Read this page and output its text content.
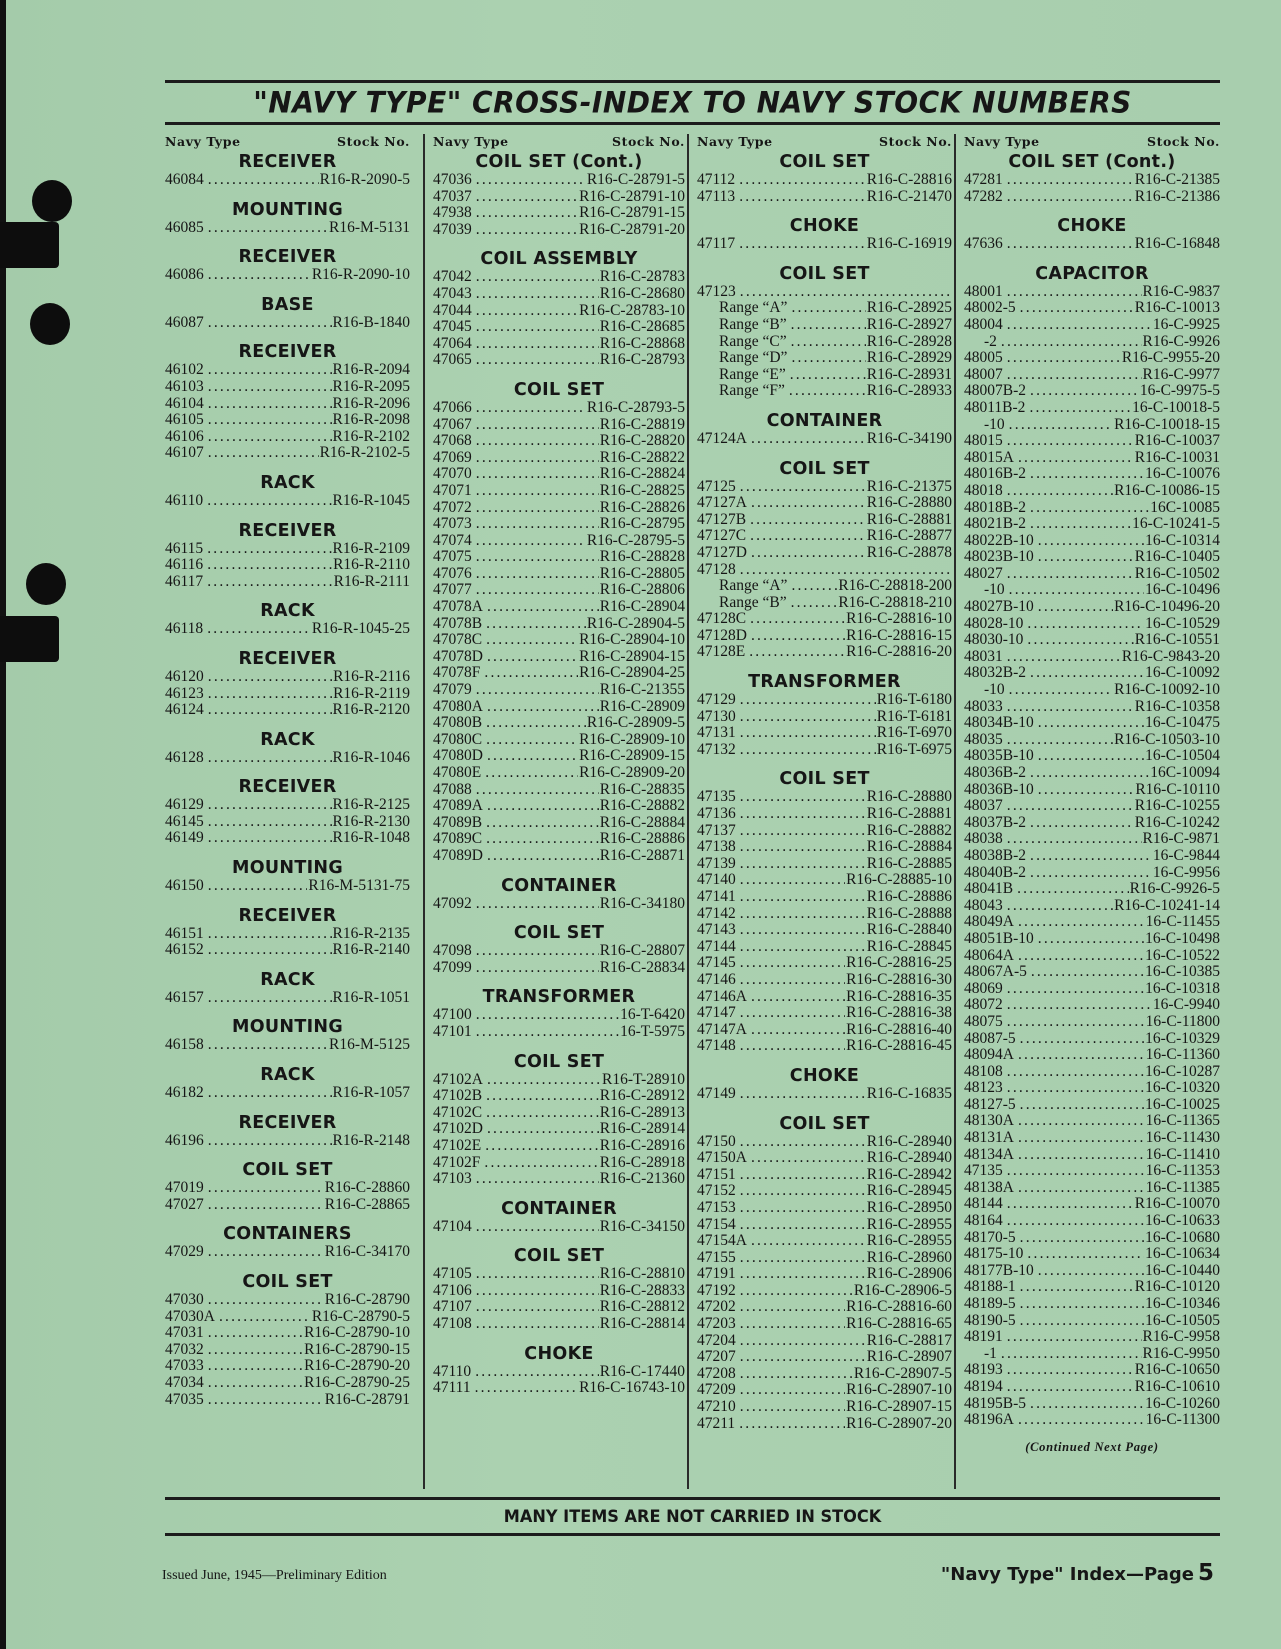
"NAVY TYPE" CROSS-INDEX TO NAVY STOCK NUMBERS
Navy Type	Stock No.
RECEIVER
46084 .....	R16-R-2090-5
MOUNTING
46085 .....	R16-M-5131
RECEIVER
46086 .....	R16-R-2090-10
BASE
46087 .....	R16-B-1840
RECEIVER
46102 .....	R16-R-2094
46103 .....	R16-R-2095
46104 .....	R16-R-2096
46105 .....	R16-R-2098
46106 .....	R16-R-2102
46107 .....	R16-R-2102-5
RACK
46110 .....	R16-R-1045
RECEIVER
46115 .....	R16-R-2109
46116 .....	R16-R-2110
46117 .....	R16-R-2111
RACK
46118 .....	R16-R-1045-25
RECEIVER
46120 .....	R16-R-2116
46123 .....	R16-R-2119
46124 .....	R16-R-2120
RACK
46128 .....	R16-R-1046
RECEIVER
46129 .....	R16-R-2125
46145 .....	R16-R-2130
46149 .....	R16-R-1048
MOUNTING
46150 .....	R16-M-5131-75
RECEIVER
46151 .....	R16-R-2135
46152 .....	R16-R-2140
RACK
46157 .....	R16-R-1051
MOUNTING
46158 .....	R16-M-5125
RACK
46182 .....	R16-R-1057
RECEIVER
46196 .....	R16-R-2148
COIL SET
47019 .....	R16-C-28860
47027 .....	R16-C-28865
CONTAINERS
47029 .....	R16-C-34170
COIL SET
47030 .....	R16-C-28790
47030A .....	R16-C-28790-5
47031 .....	R16-C-28790-10
47032 .....	R16-C-28790-15
47033 .....	R16-C-28790-20
47034 .....	R16-C-28790-25
47035 .....	R16-C-28791
Navy Type	Stock No.
COIL SET (Cont.)
47036 .....	R16-C-28791-5
47037 .....	R16-C-28791-10
47938 .....	R16-C-28791-15
47039 .....	R16-C-28791-20
COIL ASSEMBLY
47042 .....	R16-C-28783
47043 .....	R16-C-28680
47044 .....	R16-C-28783-10
47045 .....	R16-C-28685
47064 .....	R16-C-28868
47065 .....	R16-C-28793
COIL SET
47066 .....	R16-C-28793-5
47067 .....	R16-C-28819
47068 .....	R16-C-28820
47069 .....	R16-C-28822
47070 .....	R16-C-28824
47071 .....	R16-C-28825
47072 .....	R16-C-28826
47073 .....	R16-C-28795
47074 .....	R16-C-28795-5
47075 .....	R16-C-28828
47076 .....	R16-C-28805
47077 .....	R16-C-28806
47078A .....	R16-C-28904
47078B .....	R16-C-28904-5
47078C .....	R16-C-28904-10
47078D .....	R16-C-28904-15
47078F .....	R16-C-28904-25
47079 .....	R16-C-21355
47080A .....	R16-C-28909
47080B .....	R16-C-28909-5
47080C .....	R16-C-28909-10
47080D .....	R16-C-28909-15
47080E .....	R16-C-28909-20
47088 .....	R16-C-28835
47089A .....	R16-C-28882
47089B .....	R16-C-28884
47089C .....	R16-C-28886
47089D .....	R16-C-28871
CONTAINER
47092 .....	R16-C-34180
COIL SET
47098 .....	R16-C-28807
47099 .....	R16-C-28834
TRANSFORMER
47100 .....	16-T-6420
47101 .....	16-T-5975
COIL SET
47102A .....	R16-T-28910
47102B .....	R16-C-28912
47102C .....	R16-C-28913
47102D .....	R16-C-28914
47102E .....	R16-C-28916
47102F .....	R16-C-28918
47103 .....	R16-C-21360
CONTAINER
47104 .....	R16-C-34150
COIL SET
47105 .....	R16-C-28810
47106 .....	R16-C-28833
47107 .....	R16-C-28812
47108 .....	R16-C-28814
CHOKE
47110 .....	R16-C-17440
47111 .....	R16-C-16743-10
Navy Type	Stock No.
COIL SET
47112 .....	R16-C-28816
47113 .....	R16-C-21470
CHOKE
47117 .....	R16-C-16919
COIL SET
47123
.....
Range “A” .....	R16-C-28925
Range “B” .....	R16-C-28927
Range “C” .....	R16-C-28928
Range “D” .....	R16-C-28929
Range “E” .....	R16-C-28931
Range “F” .....	R16-C-28933
CONTAINER
47124A .....	R16-C-34190
COIL SET
47125 .....	R16-C-21375
47127A .....	R16-C-28880
47127B .....	R16-C-28881
47127C .....	R16-C-28877
47127D .....	R16-C-28878
47128
.....
Range “A” .....	R16-C-28818-200
Range “B” .....	R16-C-28818-210
47128C .....	R16-C-28816-10
47128D .....	R16-C-28816-15
47128E .....	R16-C-28816-20
TRANSFORMER
47129 .....	R16-T-6180
47130 .....	R16-T-6181
47131 .....	R16-T-6970
47132 .....	R16-T-6975
COIL SET
47135 .....	R16-C-28880
47136 .....	R16-C-28881
47137 .....	R16-C-28882
47138 .....	R16-C-28884
47139 .....	R16-C-28885
47140 .....	R16-C-28885-10
47141 .....	R16-C-28886
47142 .....	R16-C-28888
47143 .....	R16-C-28840
47144 .....	R16-C-28845
47145 .....	R16-C-28816-25
47146 .....	R16-C-28816-30
47146A .....	R16-C-28816-35
47147 .....	R16-C-28816-38
47147A .....	R16-C-28816-40
47148 .....	R16-C-28816-45
CHOKE
47149 .....	R16-C-16835
COIL SET
47150 .....	R16-C-28940
47150A .....	R16-C-28940
47151 .....	R16-C-28942
47152 .....	R16-C-28945
47153 .....	R16-C-28950
47154 .....	R16-C-28955
47154A .....	R16-C-28955
47155 .....	R16-C-28960
47191 .....	R16-C-28906
47192 .....	R16-C-28906-5
47202 .....	R16-C-28816-60
47203 .....	R16-C-28816-65
47204 .....	R16-C-28817
47207 .....	R16-C-28907
47208 .....	R16-C-28907-5
47209 .....	R16-C-28907-10
47210 .....	R16-C-28907-15
47211 .....	R16-C-28907-20
Navy Type	Stock No.
COIL SET (Cont.)
47281 .....	R16-C-21385
47282 .....	R16-C-21386
CHOKE
47636 .....	R16-C-16848
CAPACITOR
48001 .....	R16-C-9837
48002-5 .....	R16-C-10013
48004 .....	16-C-9925
-2 .....	R16-C-9926
48005 .....	R16-C-9955-20
48007 .....	R16-C-9977
48007B-2 .....	16-C-9975-5
48011B-2 .....	16-C-10018-5
-10 .....	R16-C-10018-15
48015 .....	R16-C-10037
48015A .....	R16-C-10031
48016B-2 .....	16-C-10076
48018 .....	R16-C-10086-15
48018B-2 .....	16C-10085
48021B-2 .....	16-C-10241-5
48022B-10 .....	16-C-10314
48023B-10 .....	R16-C-10405
48027 .....	R16-C-10502
-10 .....	16-C-10496
48027B-10 .....	R16-C-10496-20
48028-10 .....	16-C-10529
48030-10 .....	R16-C-10551
48031 .....	R16-C-9843-20
48032B-2 .....	16-C-10092
-10 .....	R16-C-10092-10
48033 .....	R16-C-10358
48034B-10 .....	16-C-10475
48035 .....	R16-C-10503-10
48035B-10 .....	16-C-10504
48036B-2 .....	16C-10094
48036B-10 .....	R16-C-10110
48037 .....	R16-C-10255
48037B-2 .....	R16-C-10242
48038 .....	R16-C-9871
48038B-2 .....	16-C-9844
48040B-2 .....	16-C-9956
48041B .....	R16-C-9926-5
48043 .....	R16-C-10241-14
48049A .....	16-C-11455
48051B-10 .....	16-C-10498
48064A .....	16-C-10522
48067A-5 .....	16-C-10385
48069 .....	16-C-10318
48072 .....	16-C-9940
48075 .....	16-C-11800
48087-5 .....	16-C-10329
48094A .....	16-C-11360
48108 .....	16-C-10287
48123 .....	16-C-10320
48127-5 .....	16-C-10025
48130A .....	16-C-11365
48131A .....	16-C-11430
48134A .....	16-C-11410
47135 .....	16-C-11353
48138A .....	16-C-11385
48144 .....	R16-C-10070
48164 .....	16-C-10633
48170-5 .....	16-C-10680
48175-10 .....	16-C-10634
48177B-10 .....	16-C-10440
48188-1 .....	R16-C-10120
48189-5 .....	16-C-10346
48190-5 .....	16-C-10505
48191 .....	R16-C-9958
-1 .....	R16-C-9950
48193 .....	R16-C-10650
48194 .....	R16-C-10610
48195B-5 .....	16-C-10260
48196A .....	16-C-11300
(Continued Next Page)
MANY ITEMS ARE NOT CARRIED IN STOCK
Issued June, 1945—Preliminary Edition	"Navy Type" Index—Page 5
